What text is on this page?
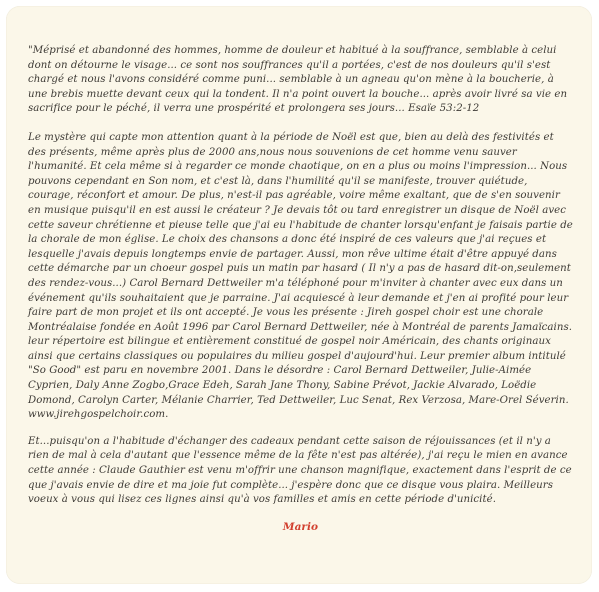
"Méprisé et abandonné des hommes, homme de douleur et habitué à la souffrance, semblable à celui dont on détourne le visage... ce sont nos souffrances qu'il a portées, c'est de nos douleurs qu'il s'est chargé et nous l'avons considéré comme puni... semblable à un agneau qu'on mène à la boucherie, à une brebis muette devant ceux qui la tondent. Il n'a point ouvert la bouche... après avoir livré sa vie en sacrifice pour le péché, il verra une prospérité et prolongera ses jours... Esaïe 53:2-12

Le mystère qui capte mon attention quant à la période de Noël est que, bien au delà des festivités et des présents, même après plus de 2000 ans,nous nous souvenions de cet homme venu sauver l'humanité. Et cela même si à regarder ce monde chaotique, on en a plus ou moins l'impression... Nous pouvons cependant en Son nom, et c'est là, dans l'humilité qu'il se manifeste, trouver quiétude, courage, réconfort et amour. De plus, n'est-il pas agréable, voire même exaltant, que de s'en souvenir en musique puisqu'il en est aussi le créateur ? Je devais tôt ou tard enregistrer un disque de Noël avec cette saveur chrétienne et pieuse telle que j'ai eu l'habitude de chanter lorsqu'enfant je faisais partie de la chorale de mon église. Le choix des chansons a donc été inspiré de ces valeurs que j'ai reçues et lesquelle j'avais depuis longtemps envie de partager. Aussi, mon rêve ultime était d'être appuyé dans cette démarche par un choeur gospel puis un matin par hasard ( Il n'y a pas de hasard dit-on,seulement des rendez-vous...) Carol Bernard Dettweiler m'a téléphoné pour m'inviter à chanter avec eux dans un événement qu'ils souhaitaient que je parraine. J'ai acquiescé à leur demande et j'en ai profité pour leur faire part de mon projet et ils ont accepté. Je vous les présente : Jireh gospel choir est une chorale Montréalaise fondée en Août 1996 par Carol Bernard Dettweiler, née à Montréal de parents Jamaïcains. leur répertoire est bilingue et entièrement constitué de gospel noir Américain, des chants originaux ainsi que certains classiques ou populaires du milieu gospel d'aujourd'hui. Leur premier album intitulé "So Good" est paru en novembre 2001. Dans le désordre : Carol Bernard Dettweiler, Julie-Aimée Cyprien, Daly Anne Zogbo,Grace Edeh, Sarah Jane Thony, Sabine Prévot, Jackie Alvarado, Loëdie Domond, Carolyn Carter, Mélanie Charrier, Ted Dettweiler, Luc Senat, Rex Verzosa, Mare-Orel Séverin. www.jirehgospelchoir.com.

Et...puisqu'on a l'habitude d'échanger des cadeaux pendant cette saison de réjouissances (et il n'y a rien de mal à cela d'autant que l'essence même de la fête n'est pas altérée), j'ai reçu le mien en avance cette année : Claude Gauthier est venu m'offrir une chanson magnifique, exactement dans l'esprit de ce que j'avais envie de dire et ma joie fut complète... j'espère donc que ce disque vous plaira. Meilleurs voeux à vous qui lisez ces lignes ainsi qu'à vos familles et amis en cette période d'unicité.

Mario
